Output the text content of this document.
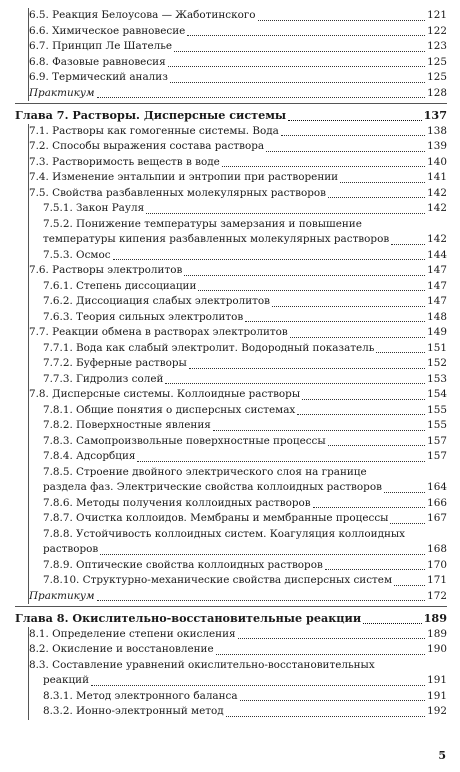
6.5. Реакция Белоусова — Жаботинского	121
6.6. Химическое равновесие	122
6.7. Принцип Ле Шателье	123
6.8. Фазовые равновесия	125
6.9. Термический анализ	125
Практикум	128
Глава 7. Растворы. Дисперсные системы	137
7.1. Растворы как гомогенные системы. Вода	138
7.2. Способы выражения состава раствора	139
7.3. Растворимость веществ в воде	140
7.4. Изменение энтальпии и энтропии при растворении	141
7.5. Свойства разбавленных молекулярных растворов	142
7.5.1. Закон Рауля	142
7.5.2. Понижение температуры замерзания и повышение
температуры кипения разбавленных молекулярных растворов	142
7.5.3. Осмос	144
7.6. Растворы электролитов	147
7.6.1. Степень диссоциации	147
7.6.2. Диссоциация слабых электролитов	147
7.6.3. Теория сильных электролитов	148
7.7. Реакции обмена в растворах электролитов	149
7.7.1. Вода как слабый электролит. Водородный показатель	151
7.7.2. Буферные растворы	152
7.7.3. Гидролиз солей	153
7.8. Дисперсные системы. Коллоидные растворы	154
7.8.1. Общие понятия о дисперсных системах	155
7.8.2. Поверхностные явления	155
7.8.3. Самопроизвольные поверхностные процессы	157
7.8.4. Адсорбция	157
7.8.5. Строение двойного электрического слоя на границе
раздела фаз. Электрические свойства коллоидных растворов	164
7.8.6. Методы получения коллоидных растворов	166
7.8.7. Очистка коллоидов. Мембраны и мембранные процессы	167
7.8.8. Устойчивость коллоидных систем. Коагуляция коллоидных
растворов	168
7.8.9. Оптические свойства коллоидных растворов	170
7.8.10. Структурно-механические свойства дисперсных систем	171
Практикум	172
Глава 8. Окислительно-восстановительные реакции	189
8.1. Определение степени окисления	189
8.2. Окисление и восстановление	190
8.3. Составление уравнений окислительно-восстановительных
реакций	191
8.3.1. Метод электронного баланса	191
8.3.2. Ионно-электронный метод	192
5
